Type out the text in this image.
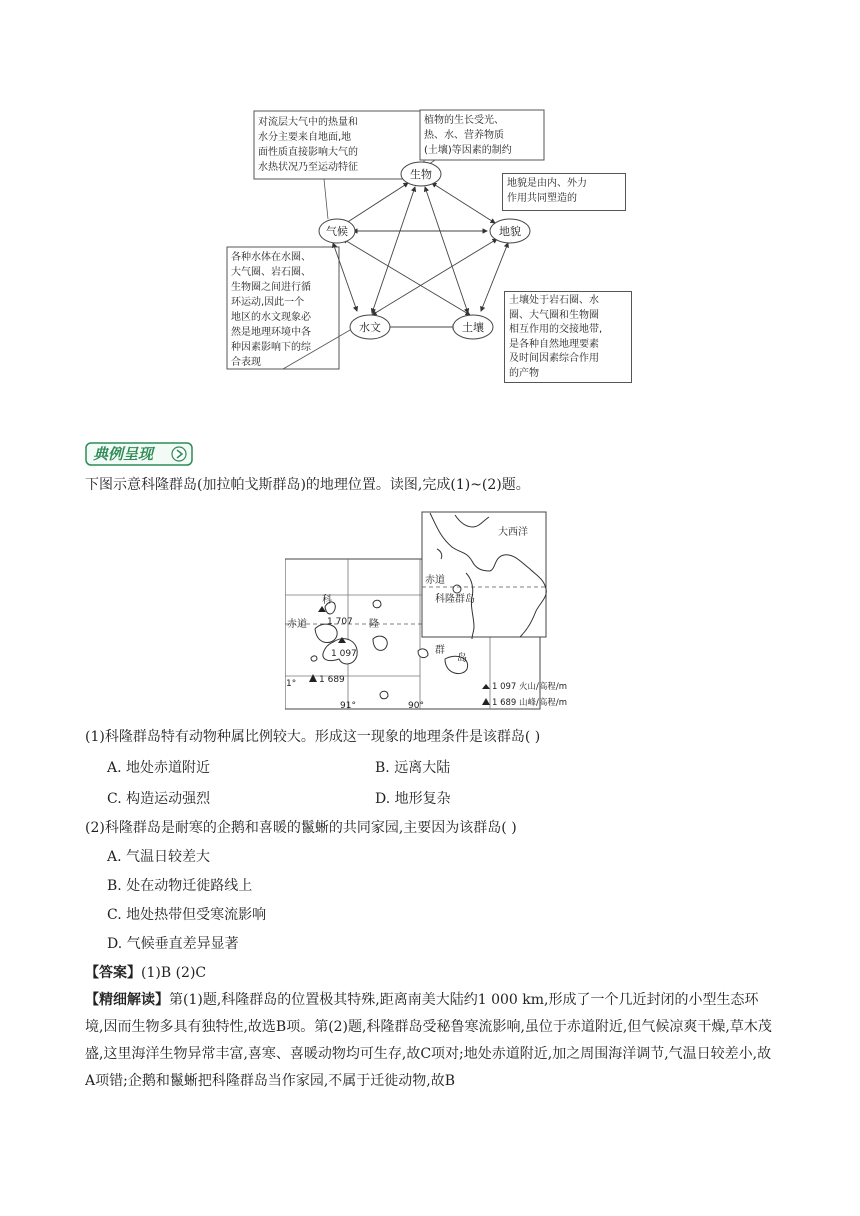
生物
气候	地貌
水文	土壤
对流层大气中的热量和
水分主要来自地面,地
面性质直接影响大气的
水热状况乃至运动特征
植物的生长受光、
热、水、营养物质
(土壤)等因素的制约
各种水体在水圈、
大气圈、岩石圈、
生物圈之间进行循
环运动,因此一个
地区的水文现象必
然是地理环境中各
种因素影响下的综
合表现
地貌是由内、外力
作用共同塑造的
土壤处于岩石圈、水
圈、大气圈和生物圈
相互作用的交接地带,
是各种自然地理要素
及时间因素综合作用
的产物
典例呈现
下图示意科隆群岛(加拉帕戈斯群岛)的地理位置。读图,完成(1)~(2)题。
科
1 707
赤道	隆
1 097	群
岛
1 689
1°
91°	90°
大西洋
赤道
科隆群岛
1 097 火山/高程/m
1 689 山峰/高程/m
(1)科隆群岛特有动物种属比例较大。形成这一现象的地理条件是该群岛( )
A. 地处赤道附近	B. 远离大陆
C. 构造运动强烈	D. 地形复杂
(2)科隆群岛是耐寒的企鹅和喜暖的鬣蜥的共同家园,主要因为该群岛( )
A. 气温日较差大
B. 处在动物迁徙路线上
C. 地处热带但受寒流影响
D. 气候垂直差异显著
【答案】(1)B (2)C
【精细解读】第(1)题,科隆群岛的位置极其特殊,距离南美大陆约1 000 km,形成了一个几近封闭的小型生态环境,因而生物多具有独特性,故选B项。第(2)题,科隆群岛受秘鲁寒流影响,虽位于赤道附近,但气候凉爽干燥,草木茂盛,这里海洋生物异常丰富,喜寒、喜暖动物均可生存,故C项对;地处赤道附近,加之周围海洋调节,气温日较差小,故A项错;企鹅和鬣蜥把科隆群岛当作家园,不属于迁徙动物,故B
